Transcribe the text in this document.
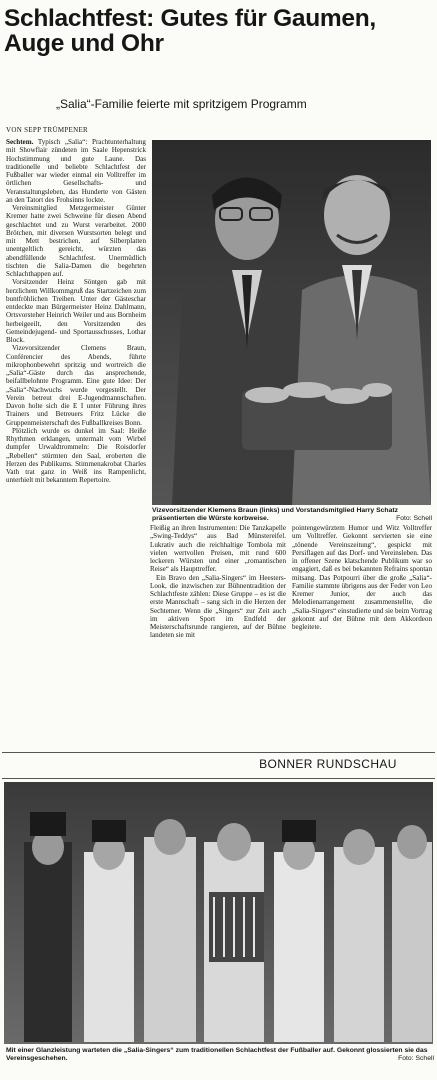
Schlachtfest: Gutes für Gaumen, Auge und Ohr

„Salia“-Familie feierte mit spritzigem Programm

VON SEPP TRÜMPENER

Sechtem. Typisch „Salia“: Prachtunterhaltung mit Showflair zündeten im Saale Hepenstrick Hochstimmung und gute Laune. Das traditionelle und beliebte Schlachtfest der Fußballer war wieder einmal ein Volltreffer im örtlichen Gesellschafts- und Veranstaltungsleben, das Hunderte von Gästen an den Tatort des Frohsinns lockte.

Vereinsmitglied Metzgermeister Günter Kremer hatte zwei Schweine für diesen Abend geschlachtet und zu Wurst verarbeitet. 2000 Brötchen, mit diversen Wurstsorten belegt und mit Mett bestrichen, auf Silberplatten unentgeltlich gereicht, würzten das abendfüllende Schlachtfest. Unermüdlich tischten die Salia-Damen die begehrten Schlachthappen auf.

Vorsitzender Heinz Söntgen gab mit herzlichem Willkommgruß das Startzeichen zum buntfröhlichen Treiben. Unter der Gästeschar entdeckte man Bürgermeister Heinz Dahlmann, Ortsvorsteher Heinrich Weiler und aus Bornheim herbeigeeilt, den Vorsitzenden des Gemeindejugend- und Sportausschusses, Lothar Block.

Vizevorsitzender Clemens Braun, Conférencier des Abends, führte mikrophonbewehrt spritzig und wortreich die „Salia“-Gäste durch das ansprechende, beifallbelohnte Programm. Eine gute Idee: Der „Salia“-Nachwuchs wurde vorgestellt. Der Verein betreut drei E-Jugendmannschaften. Davon holte sich die E I unter Führung ihres Trainers und Betreuers Fritz Lücke die Gruppenmeisterschaft des Fußballkreises Bonn.

Plötzlich wurde es dunkel im Saal: Heiße Rhythmen erklangen, untermalt vom Wirbel dumpfer Urwaldtrommeln: Die Roisdorfer „Rebellen“ stürmten den Saal, eroberten die Herzen des Publikums. Stimmenakrobat Charles Vath trat ganz in Weiß ins Rampenlicht, unterhielt mit bekanntem Repertoire.

Vizevorsitzender Klemens Braun (links) und Vorstandsmitglied Harry Schatz präsentierten die Würste korbweise.	Foto: Schell

Fleißig an ihren Instrumenten: Die Tanzkapelle „Swing-Teddys“ aus Bad Münstereifel. Lukrativ auch die reichhaltige Tombola mit vielen wertvollen Preisen, mit rund 600 leckeren Würsten und einer „romantischen Reise“ als Haupttreffer.

Ein Bravo den „Salia-Singers“ im Heesters-Look, die inzwischen zur Bühnentradition der Schlachtfeste zählen: Diese Gruppe – es ist die erste Mannschaft – sang sich in die Herzen der Sechtemer. Wenn die „Singers“ zur Zeit auch im aktiven Sport im Endfeld der Meisterschaftsrunde rangieren, auf der Bühne landeten sie mit

pointengewürztem Humor und Witz Volltreffer um Volltreffer. Gekonnt servierten sie eine „tönende Vereinszeitung“, gespickt mit Persiflagen auf das Dorf- und Vereinsleben. Das in offener Szene klatschende Publikum war so engagiert, daß es bei bekannten Refrains spontan mitsang. Das Potpourri über die große „Salia“-Familie stammte übrigens aus der Feder von Leo Kremer Junior, der auch das Melodienarrangement zusammenstellte, die „Salia-Singers“ einstudierte und sie beim Vortrag gekonnt auf der Bühne mit dem Akkordeon begleitete.

BONNER RUNDSCHAU

Mit einer Glanzleistung warteten die „Salia-Singers“ zum traditionellen Schlachtfest der Fußballer auf. Gekonnt glossierten sie das Vereinsgeschehen.	Foto: Schell
